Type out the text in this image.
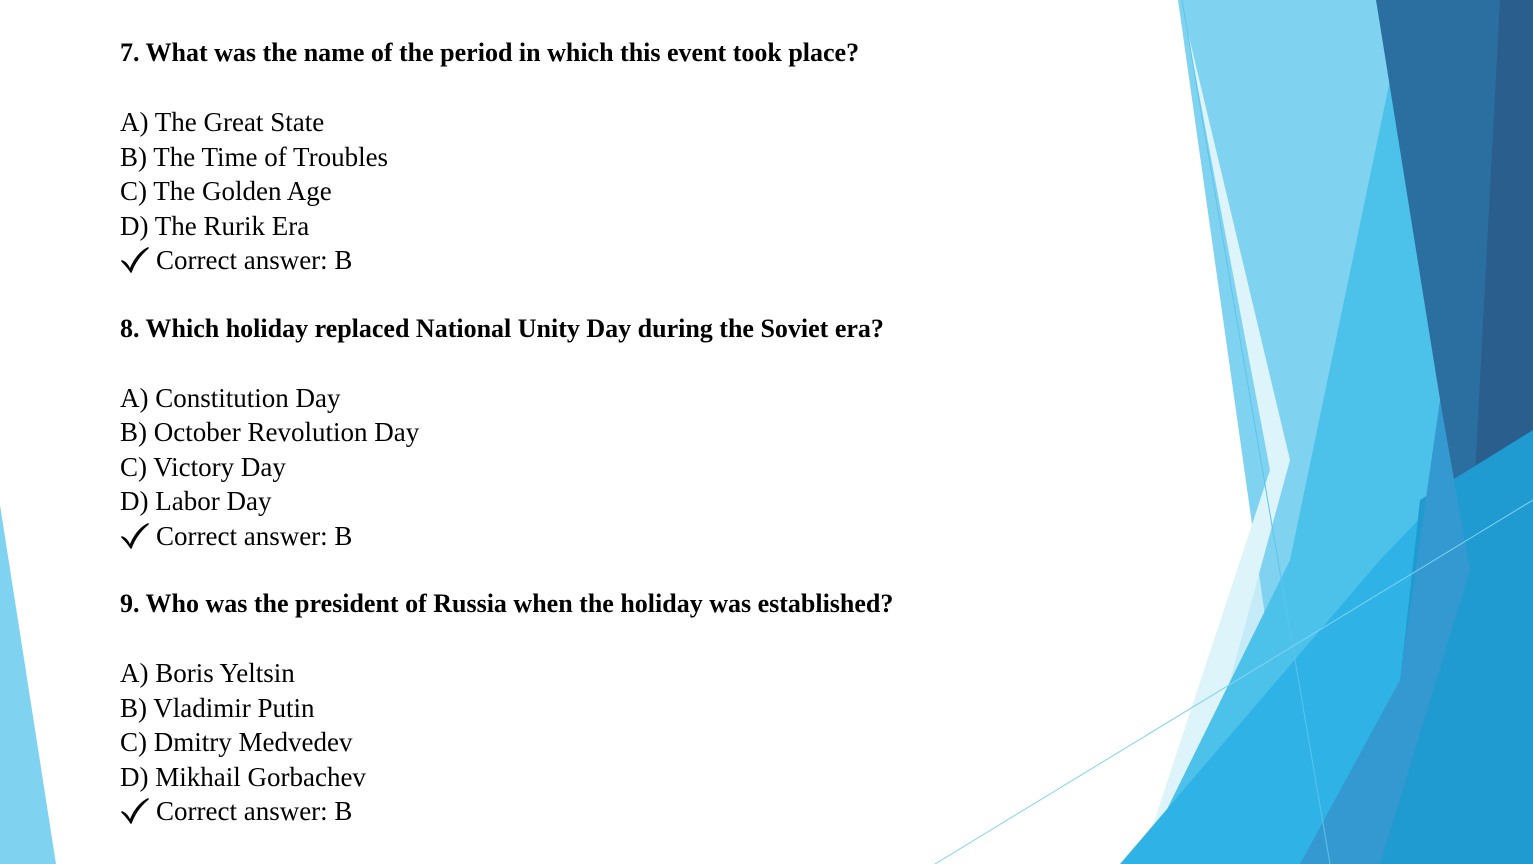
7. What was the name of the period in which this event took place?
A) The Great State
B) The Time of Troubles
C) The Golden Age
D) The Rurik Era
Correct answer: B
8. Which holiday replaced National Unity Day during the Soviet era?
A) Constitution Day
B) October Revolution Day
C) Victory Day
D) Labor Day
Correct answer: B
9. Who was the president of Russia when the holiday was established?
A) Boris Yeltsin
B) Vladimir Putin
C) Dmitry Medvedev
D) Mikhail Gorbachev
Correct answer: B
